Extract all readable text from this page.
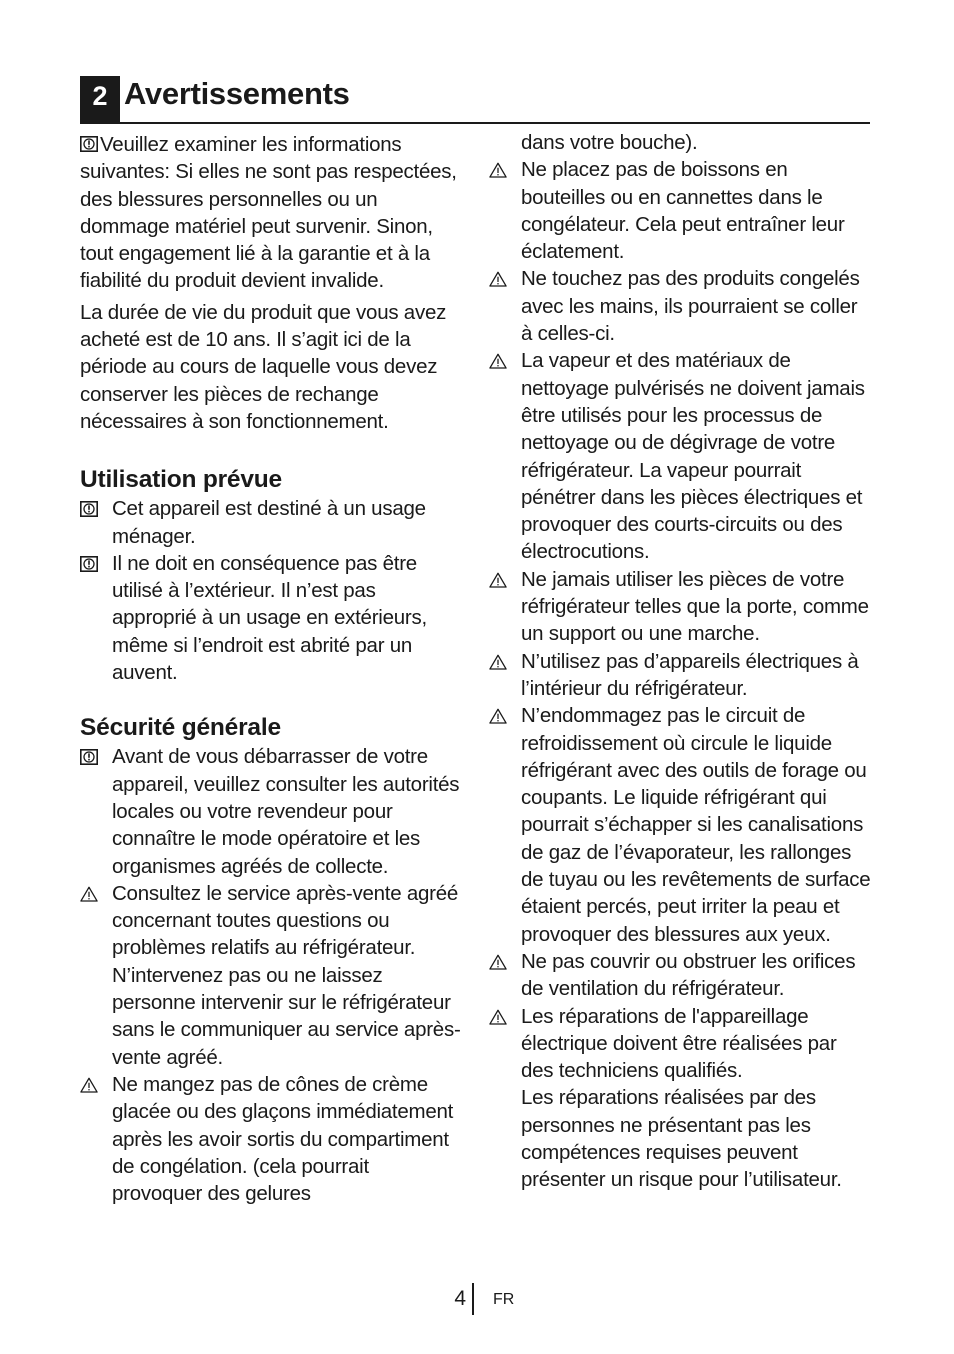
2 Avertissements

Veuillez examiner les informations suivantes: Si elles ne sont pas respectées, des blessures personnelles ou un dommage matériel peut survenir. Sinon, tout engagement lié à la garantie et à la fiabilité du produit devient invalide.

La durée de vie du produit que vous avez acheté est de 10 ans. Il s’agit ici de la période au cours de laquelle vous devez conserver les pièces de rechange nécessaires à son fonctionnement.

Utilisation prévue
Cet appareil est destiné à un usage ménager.
Il ne doit en conséquence pas être utilisé à l’extérieur. Il n’est pas approprié à un usage en extérieurs, même si l’endroit est abrité par un auvent.
Sécurité générale
Avant de vous débarrasser de votre appareil, veuillez consulter les autorités locales ou votre revendeur pour connaître le mode opératoire et les organismes agréés de collecte.
Consultez le service après-vente agréé concernant toutes questions ou problèmes relatifs au réfrigérateur. N’intervenez pas ou ne laissez personne intervenir sur le réfrigérateur sans le communiquer au service après-vente agréé.
Ne mangez pas de cônes de crème glacée ou des glaçons immédiatement après les avoir sortis du compartiment de congélation. (cela pourrait provoquer des gelures
dans votre bouche).
Ne placez pas de boissons en bouteilles ou en cannettes dans le congélateur. Cela peut entraîner leur éclatement.
Ne touchez pas des produits congelés avec les mains, ils pourraient se coller à celles-ci.
La vapeur et des matériaux de nettoyage pulvérisés ne doivent jamais être utilisés pour les processus de nettoyage ou de dégivrage de votre réfrigérateur. La vapeur pourrait pénétrer dans les pièces électriques et provoquer des courts-circuits ou des électrocutions.
Ne jamais utiliser les pièces de votre réfrigérateur telles que la porte, comme un support ou une marche.
N’utilisez pas d’appareils électriques à l’intérieur du réfrigérateur.
N’endommagez pas le circuit de refroidissement où circule le liquide réfrigérant avec des outils de forage ou coupants. Le liquide réfrigérant qui pourrait s’échapper si les canalisations de gaz de l’évaporateur, les rallonges de tuyau ou les revêtements de surface étaient percés, peut irriter la peau et provoquer des blessures aux yeux.
Ne pas couvrir ou obstruer les orifices de ventilation du réfrigérateur.
Les réparations de l'appareillage électrique doivent être réalisées par des techniciens qualifiés.
Les réparations réalisées par des personnes ne présentant pas les compétences requises peuvent présenter un risque pour l’utilisateur.
4 FR
